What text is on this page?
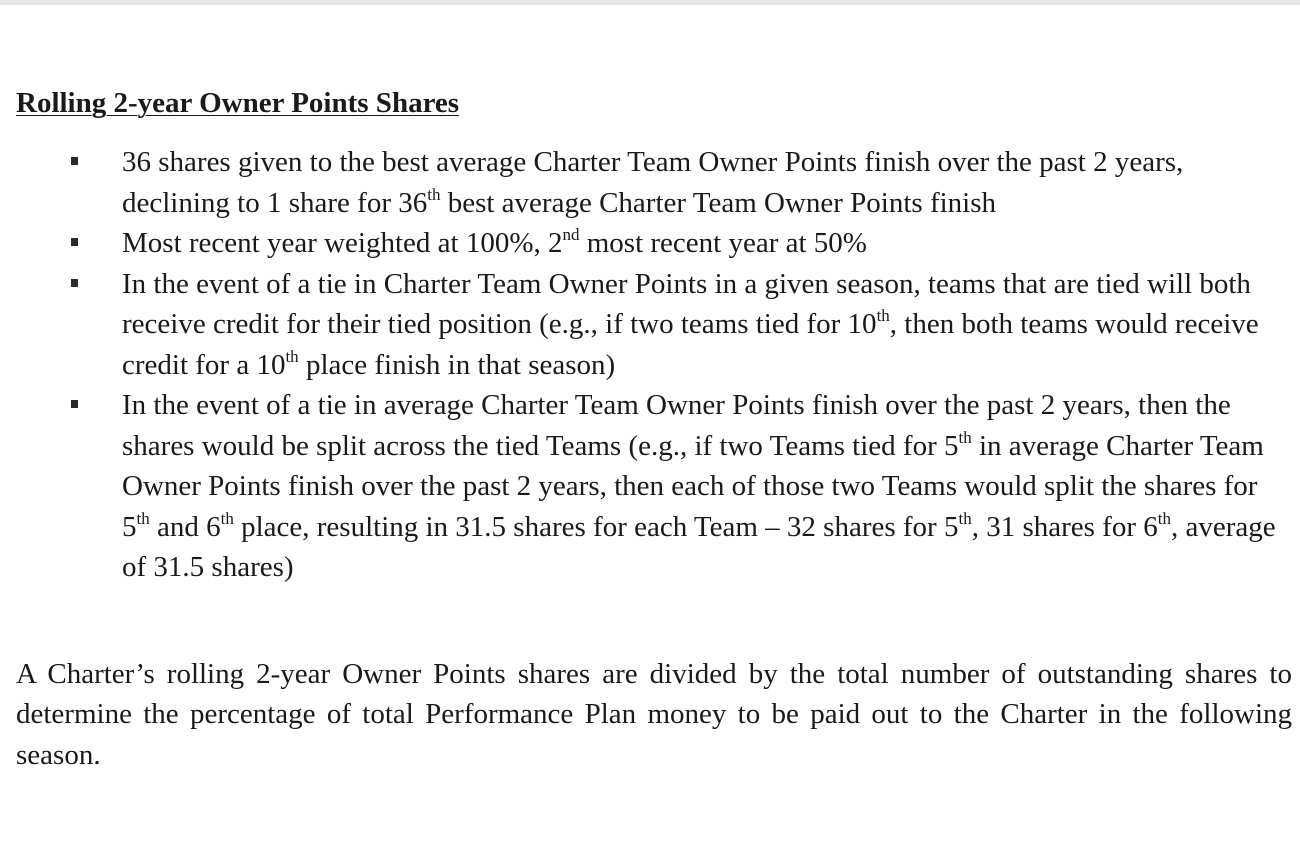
Rolling 2-year Owner Points Shares
36 shares given to the best average Charter Team Owner Points finish over the past 2 years, declining to 1 share for 36th best average Charter Team Owner Points finish
Most recent year weighted at 100%, 2nd most recent year at 50%
In the event of a tie in Charter Team Owner Points in a given season, teams that are tied will both receive credit for their tied position (e.g., if two teams tied for 10th, then both teams would receive credit for a 10th place finish in that season)
In the event of a tie in average Charter Team Owner Points finish over the past 2 years, then the shares would be split across the tied Teams (e.g., if two Teams tied for 5th in average Charter Team Owner Points finish over the past 2 years, then each of those two Teams would split the shares for 5th and 6th place, resulting in 31.5 shares for each Team – 32 shares for 5th, 31 shares for 6th, average of 31.5 shares)
A Charter’s rolling 2-year Owner Points shares are divided by the total number of outstanding shares to determine the percentage of total Performance Plan money to be paid out to the Charter in the following season.
